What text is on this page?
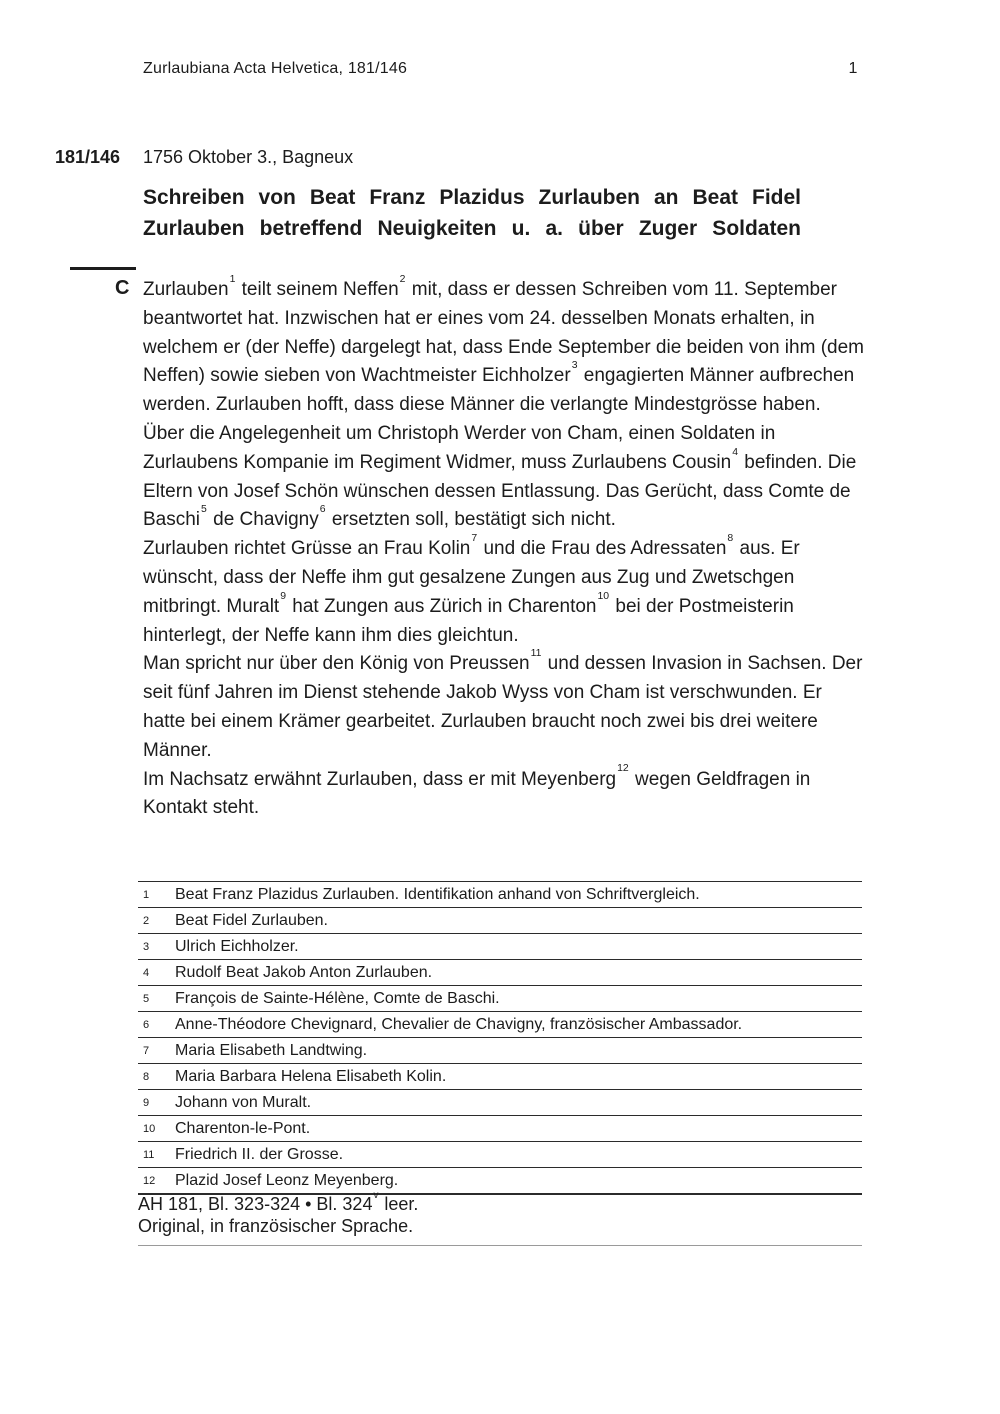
Zurlaubiana Acta Helvetica, 181/146	1
181/146 1756 Oktober 3., Bagneux
Schreiben von Beat Franz Plazidus Zurlauben an Beat Fidel Zurlauben betreffend Neuigkeiten u. a. über Zuger Soldaten
C Zurlauben$^1$ teilt seinem Neffen$^2$ mit, dass er dessen Schreiben vom 11. September beantwortet hat. Inzwischen hat er eines vom 24. desselben Monats erhalten, in welchem er (der Neffe) dargelegt hat, dass Ende September die beiden von ihm (dem Neffen) sowie sieben von Wachtmeister Eichholzer$^3$ engagierten Männer aufbrechen werden. Zurlauben hofft, dass diese Männer die verlangte Mindestgrösse haben. Über die Angelegenheit um Christoph Werder von Cham, einen Soldaten in Zurlaubens Kompanie im Regiment Widmer, muss Zurlaubens Cousin$^4$ befinden. Die Eltern von Josef Schön wünschen dessen Entlassung. Das Gerücht, dass Comte de Baschi$^5$ de Chavigny$^6$ ersetzten soll, bestätigt sich nicht.

Zurlauben richtet Grüsse an Frau Kolin$^7$ und die Frau des Adressaten$^8$ aus. Er wünscht, dass der Neffe ihm gut gesalzene Zungen aus Zug und Zwetschgen mitbringt. Muralt$^9$ hat Zungen aus Zürich in Charenton$^{10}$ bei der Postmeisterin hinterlegt, der Neffe kann ihm dies gleichtun.

Man spricht nur über den König von Preussen$^{11}$ und dessen Invasion in Sachsen. Der seit fünf Jahren im Dienst stehende Jakob Wyss von Cham ist verschwunden. Er hatte bei einem Krämer gearbeitet. Zurlauben braucht noch zwei bis drei weitere Männer.

Im Nachsatz erwähnt Zurlauben, dass er mit Meyenberg$^{12}$ wegen Geldfragen in Kontakt steht.

1 Beat Franz Plazidus Zurlauben. Identifikation anhand von Schriftvergleich.
2 Beat Fidel Zurlauben.
3 Ulrich Eichholzer.
4 Rudolf Beat Jakob Anton Zurlauben.
5 François de Sainte-Hélène, Comte de Baschi.
6 Anne-Théodore Chevignard, Chevalier de Chavigny, französischer Ambassador.
7 Maria Elisabeth Landtwing.
8 Maria Barbara Helena Elisabeth Kolin.
9 Johann von Muralt.
10 Charenton-le-Pont.
11 Friedrich II. der Grosse.
12 Plazid Josef Leonz Meyenberg.
AH 181, Bl. 323-324 • Bl. 324$^v$ leer.
Original, in französischer Sprache.
